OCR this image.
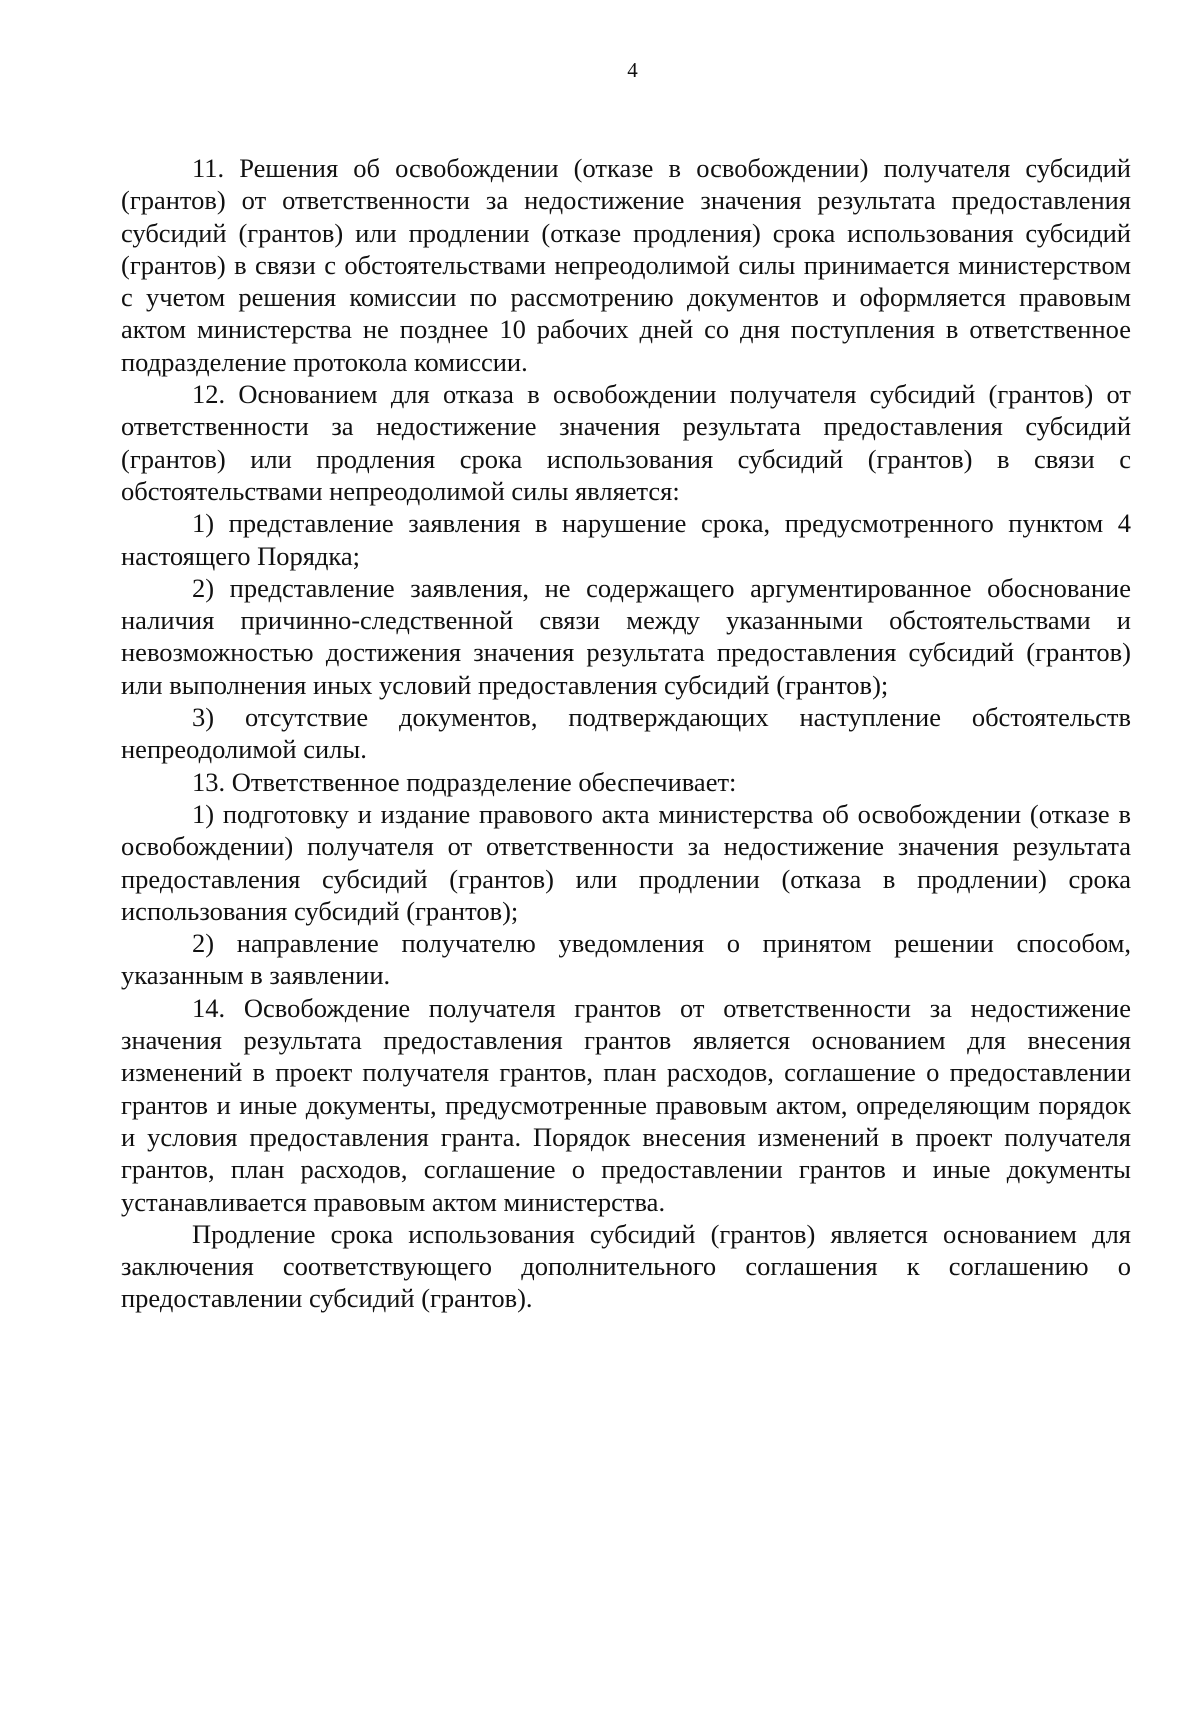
4

11. Решения об освобождении (отказе в освобождении) получателя субсидий (грантов) от ответственности за недостижение значения результата предоставления субсидий (грантов) или продлении (отказе продления) срока использования субсидий (грантов) в связи с обстоятельствами непреодолимой силы принимается министерством с учетом решения комиссии по рассмотрению документов и оформляется правовым актом министерства не позднее 10 рабочих дней со дня поступления в ответственное подразделение протокола комиссии.

12. Основанием для отказа в освобождении получателя субсидий (грантов) от ответственности за недостижение значения результата предоставления субсидий (грантов) или продления срока использования субсидий (грантов) в связи с обстоятельствами непреодолимой силы является:

1) представление заявления в нарушение срока, предусмотренного пунктом 4 настоящего Порядка;

2) представление заявления, не содержащего аргументированное обоснование наличия причинно-следственной связи между указанными обстоятельствами и невозможностью достижения значения результата предоставления субсидий (грантов) или выполнения иных условий предоставления субсидий (грантов);

3) отсутствие документов, подтверждающих наступление обстоятельств непреодолимой силы.

13. Ответственное подразделение обеспечивает:

1) подготовку и издание правового акта министерства об освобождении (отказе в освобождении) получателя от ответственности за недостижение значения результата предоставления субсидий (грантов) или продлении (отказа в продлении) срока использования субсидий (грантов);

2) направление получателю уведомления о принятом решении способом, указанным в заявлении.

14. Освобождение получателя грантов от ответственности за недостижение значения результата предоставления грантов является основанием для внесения изменений в проект получателя грантов, план расходов, соглашение о предоставлении грантов и иные документы, предусмотренные правовым актом, определяющим порядок и условия предоставления гранта. Порядок внесения изменений в проект получателя грантов, план расходов, соглашение о предоставлении грантов и иные документы устанавливается правовым актом министерства.

Продление срока использования субсидий (грантов) является основанием для заключения соответствующего дополнительного соглашения к соглашению о предоставлении субсидий (грантов).
